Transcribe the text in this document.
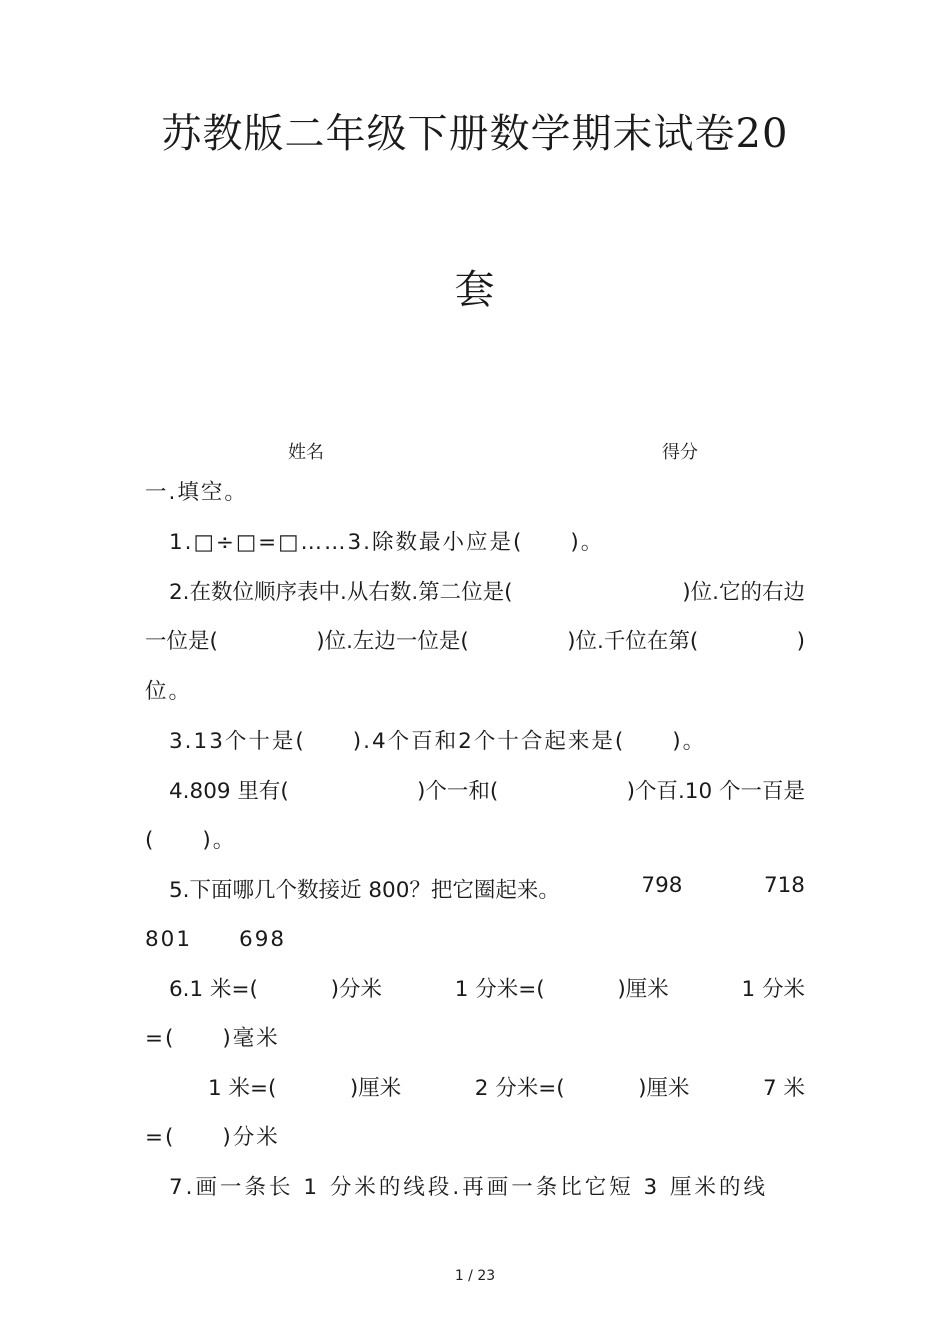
苏教版二年级下册数学期末试卷20
套
姓名	得分
一.填空。
1.□÷□=□……3.除数最小应是(　　)。
2.在数位顺序表中.从右数.第二位是(	　)位.它的右边
一位是(	　　)位.左边一位是(	　　)位.千位在第(	　　)
位。
3.13个十是(　　).4个百和2个十合起来是(　　)。
4.809 里有(	　　)个一和(	　　)个百.10 个一百是
(　　)。
5.下面哪几个数接近 800？把它圈起来。	798	718
801　　698
6.1 米=(	)分米	1 分米=(	)厘米	1 分米
=(　　)毫米
1 米=(	)厘米	2 分米=(	)厘米	7 米
=(　　)分米
7.画一条长 1 分米的线段.再画一条比它短 3 厘米的线
1 / 23
